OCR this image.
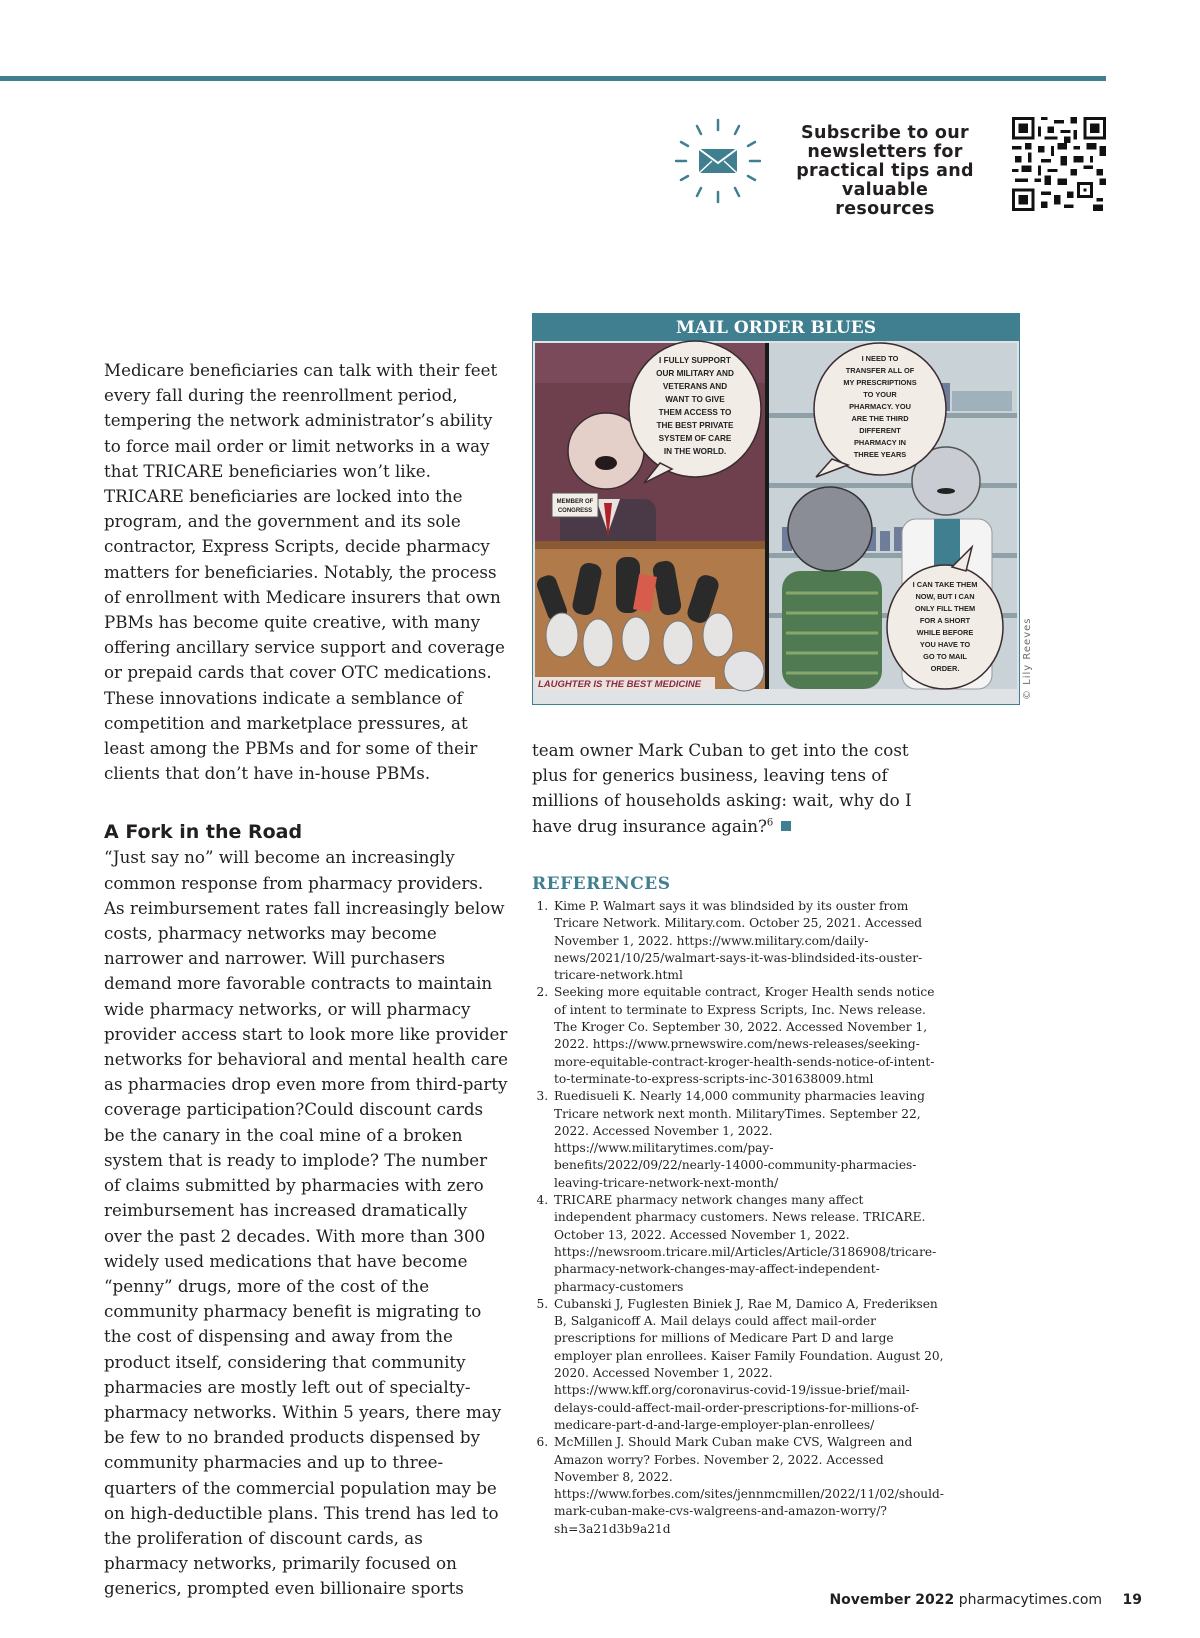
Subscribe to our newsletters for practical tips and valuable resources

Medicare beneficiaries can talk with their feet every fall during the reenrollment period, tempering the network administrator’s ability to force mail order or limit networks in a way that TRICARE beneficiaries won’t like. TRICARE beneficiaries are locked into the program, and the government and its sole contractor, Express Scripts, decide pharmacy matters for beneficiaries. Notably, the process of enrollment with Medicare insurers that own PBMs has become quite creative, with many offering ancillary service support and coverage or prepaid cards that cover OTC medications. These innovations indicate a semblance of competition and marketplace pressures, at least among the PBMs and for some of their clients that don’t have in-house PBMs.

A Fork in the Road

“Just say no” will become an increasingly common response from pharmacy providers. As reimbursement rates fall increasingly below costs, pharmacy networks may become narrower and narrower. Will purchasers demand more favorable contracts to maintain wide pharmacy networks, or will pharmacy provider access start to look more like provider networks for behavioral and mental health care as pharmacies drop even more from third-party coverage participation?Could discount cards be the canary in the coal mine of a broken system that is ready to implode? The number of claims submitted by pharmacies with zero reimbursement has increased dramatically over the past 2 decades. With more than 300 widely used medications that have become “penny” drugs, more of the cost of the community pharmacy benefit is migrating to the cost of dispensing and away from the product itself, considering that community pharmacies are mostly left out of specialty-pharmacy networks. Within 5 years, there may be few to no branded products dispensed by community pharmacies and up to three-quarters of the commercial population may be on high-deductible plans. This trend has led to the proliferation of discount cards, as pharmacy networks, primarily focused on generics, prompted even billionaire sports

MAIL ORDER BLUES
MEMBER OF
CONGRESS
I FULLY SUPPORT
OUR MILITARY AND
VETERANS AND
WANT TO GIVE
THEM ACCESS TO
THE BEST PRIVATE
SYSTEM OF CARE
IN THE WORLD.
LAUGHTER IS THE BEST MEDICINE
I NEED TO
TRANSFER ALL OF
MY PRESCRIPTIONS
TO YOUR
PHARMACY. YOU
ARE THE THIRD
DIFFERENT
PHARMACY IN
THREE YEARS
I CAN TAKE THEM
NOW, BUT I CAN
ONLY FILL THEM
FOR A SHORT
WHILE BEFORE
YOU HAVE TO
GO TO MAIL
ORDER.	© Lily Reeves

team owner Mark Cuban to get into the cost plus for generics business, leaving tens of millions of households asking: wait, why do I have drug insurance again?$^6$

REFERENCES
1. Kime P. Walmart says it was blindsided by its ouster from Tricare Network. Military.com. October 25, 2021. Accessed November 1, 2022. https://www.military.com/daily-news/2021/10/25/walmart-says-it-was-blindsided-its-ouster-tricare-network.html
2. Seeking more equitable contract, Kroger Health sends notice of intent to terminate to Express Scripts, Inc. News release. The Kroger Co. September 30, 2022. Accessed November 1, 2022. https://www.prnewswire.com/news-releases/seeking-more-equitable-contract-kroger-health-sends-notice-of-intent-to-terminate-to-express-scripts-inc-301638009.html
3. Ruedisueli K. Nearly 14,000 community pharmacies leaving Tricare network next month. MilitaryTimes. September 22, 2022. Accessed November 1, 2022. https://www.militarytimes.com/pay-benefits/2022/09/22/nearly-14000-community-pharmacies-leaving-tricare-network-next-month/
4. TRICARE pharmacy network changes many affect independent pharmacy customers. News release. TRICARE. October 13, 2022. Accessed November 1, 2022. https://newsroom.tricare.mil/Articles/Article/3186908/tricare-pharmacy-network-changes-may-affect-independent-pharmacy-customers
5. Cubanski J, Fuglesten Biniek J, Rae M, Damico A, Frederiksen B, Salganicoff A. Mail delays could affect mail-order prescriptions for millions of Medicare Part D and large employer plan enrollees. Kaiser Family Foundation. August 20, 2020. Accessed November 1, 2022. https://www.kff.org/coronavirus-covid-19/issue-brief/mail-delays-could-affect-mail-order-prescriptions-for-millions-of-medicare-part-d-and-large-employer-plan-enrollees/
6. McMillen J. Should Mark Cuban make CVS, Walgreen and Amazon worry? Forbes. November 2, 2022. Accessed November 8, 2022. https://www.forbes.com/sites/jennmcmillen/2022/11/02/should-mark-cuban-make-cvs-walgreens-and-amazon-worry/?sh=3a21d3b9a21d
November 2022 pharmacytimes.com 19
